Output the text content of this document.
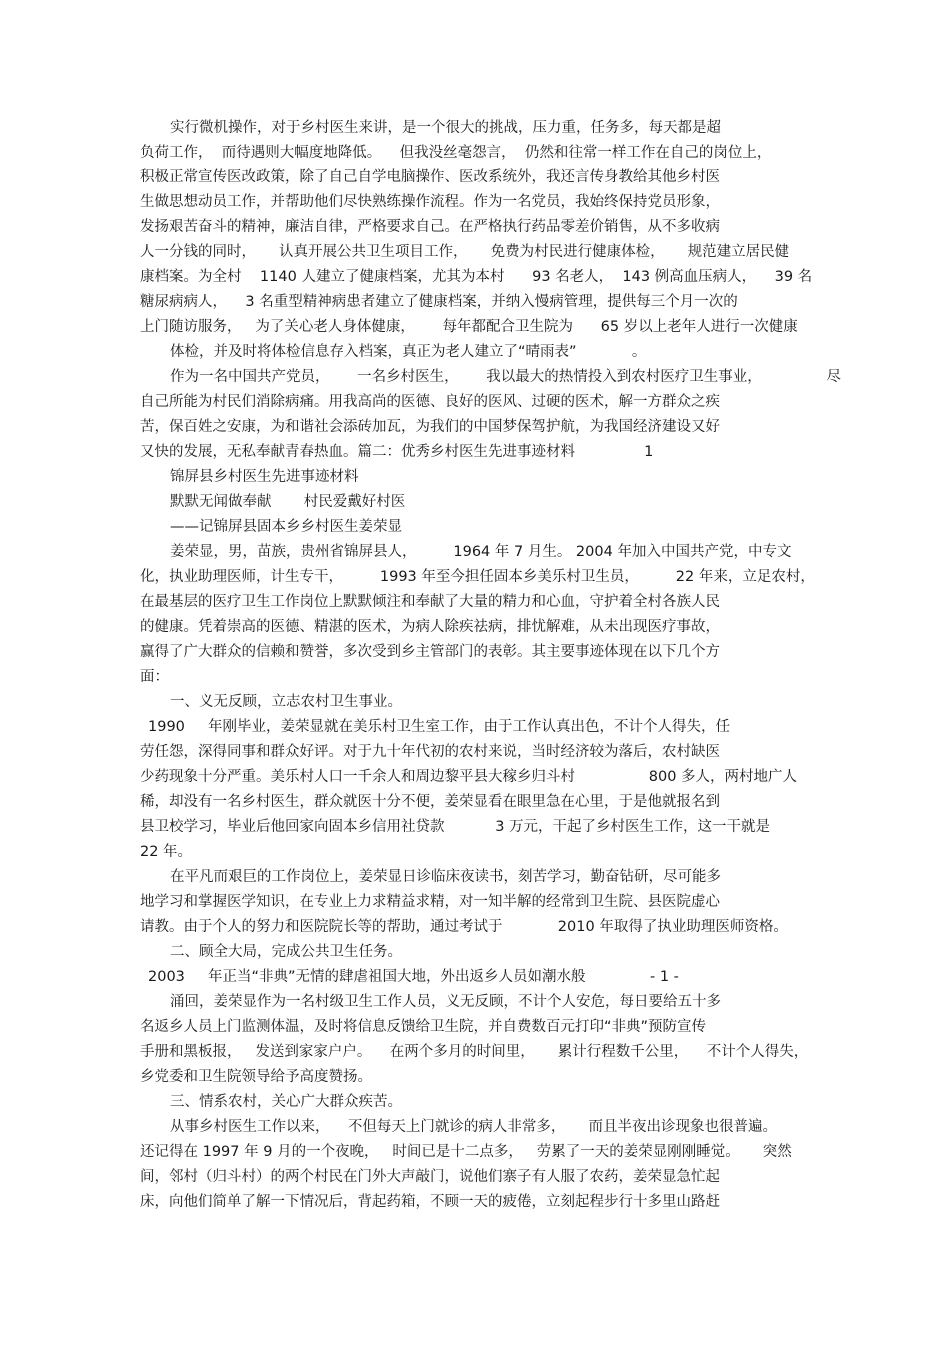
实行微机操作，对于乡村医生来讲，是一个很大的挑战，压力重，任务多，每天都是超
负荷工作，  而待遇则大幅度地降低。    但我没丝毫怨言，  仍然和往常一样工作在自己的岗位上，
积极正常宣传医改政策，除了自己自学电脑操作、医改系统外，我还言传身教给其他乡村医
生做思想动员工作，并帮助他们尽快熟练操作流程。作为一名党员，我始终保持党员形象，
发扬艰苦奋斗的精神，廉洁自律，严格要求自己。在严格执行药品零差价销售，从不多收病
人一分钱的同时，     认真开展公共卫生项目工作，     免费为村民进行健康体检，     规范建立居民健
康档案。为全村    1140 人建立了健康档案，尤其为本村      93 名老人，  143 例高血压病人，    39 名
糖尿病病人，    3 名重型精神病患者建立了健康档案，并纳入慢病管理，提供每三个月一次的
上门随访服务，   为了关心老人身体健康，      每年都配合卫生院为      65 岁以上老年人进行一次健康
体检，并及时将体检信息存入档案，真正为老人建立了“晴雨表”            。
作为一名中国共产党员，      一名乡村医生，      我以最大的热情投入到农村医疗卫生事业，              尽
自己所能为村民们消除病痛。用我高尚的医德、良好的医风、过硬的医术，解一方群众之疾
苦，保百姓之安康，为和谐社会添砖加瓦，为我们的中国梦保驾护航，为我国经济建设又好
又快的发展，无私奉献青春热血。篇二：优秀乡村医生先进事迹材料               1
锦屏县乡村医生先进事迹材料
默默无闻做奉献       村民爱戴好村医
——记锦屏县固本乡乡村医生姜荣显
姜荣显，男，苗族，贵州省锦屏县人，        1964 年 7 月生。 2004 年加入中国共产党，中专文
化，执业助理医师，计生专干，        1993 年至今担任固本乡美乐村卫生员，        22 年来，立足农村，
在最基层的医疗卫生工作岗位上默默倾注和奉献了大量的精力和心血，守护着全村各族人民
的健康。凭着崇高的医德、精湛的医术，为病人除疾祛病，排忧解难，从未出现医疗事故，
赢得了广大群众的信赖和赞誉，多次受到乡主管部门的表彰。其主要事迹体现在以下几个方
面：
一、义无反顾，立志农村卫生事业。
1990     年刚毕业，姜荣显就在美乐村卫生室工作，由于工作认真出色，不计个人得失，任
劳任怨，深得同事和群众好评。对于九十年代初的农村来说，当时经济较为落后，农村缺医
少药现象十分严重。美乐村人口一千余人和周边黎平县大稼乡归斗村                800 多人，两村地广人
稀，却没有一名乡村医生，群众就医十分不便，姜荣显看在眼里急在心里，于是他就报名到
县卫校学习，毕业后他回家向固本乡信用社贷款           3 万元，干起了乡村医生工作，这一干就是
22 年。
在平凡而艰巨的工作岗位上，姜荣显日诊临床夜读书，刻苦学习，勤奋钻研，尽可能多
地学习和掌握医学知识，在专业上力求精益求精，对一知半解的经常到卫生院、县医院虚心
请教。由于个人的努力和医院院长等的帮助，通过考试于            2010 年取得了执业助理医师资格。
二、顾全大局，完成公共卫生任务。
2003     年正当“非典”无情的肆虐祖国大地，外出返乡人员如潮水般              - 1 -
涌回，姜荣显作为一名村级卫生工作人员，义无反顾，不计个人安危，每日要给五十多
名返乡人员上门监测体温，及时将信息反馈给卫生院，并自费数百元打印“非典”预防宣传
手册和黑板报，   发送到家家户户。    在两个多月的时间里，     累计行程数千公里，    不计个人得失，
乡党委和卫生院领导给予高度赞扬。
三、情系农村，关心广大群众疾苦。
从事乡村医生工作以来，    不但每天上门就诊的病人非常多，     而且半夜出诊现象也很普遍。
还记得在 1997 年 9 月的一个夜晚，   时间已是十二点多，   劳累了一天的姜荣显刚刚睡觉。     突然
间，邻村（归斗村）的两个村民在门外大声敲门，说他们寨子有人服了农药，姜荣显急忙起
床，向他们简单了解一下情况后，背起药箱，不顾一天的疲倦，立刻起程步行十多里山路赶
